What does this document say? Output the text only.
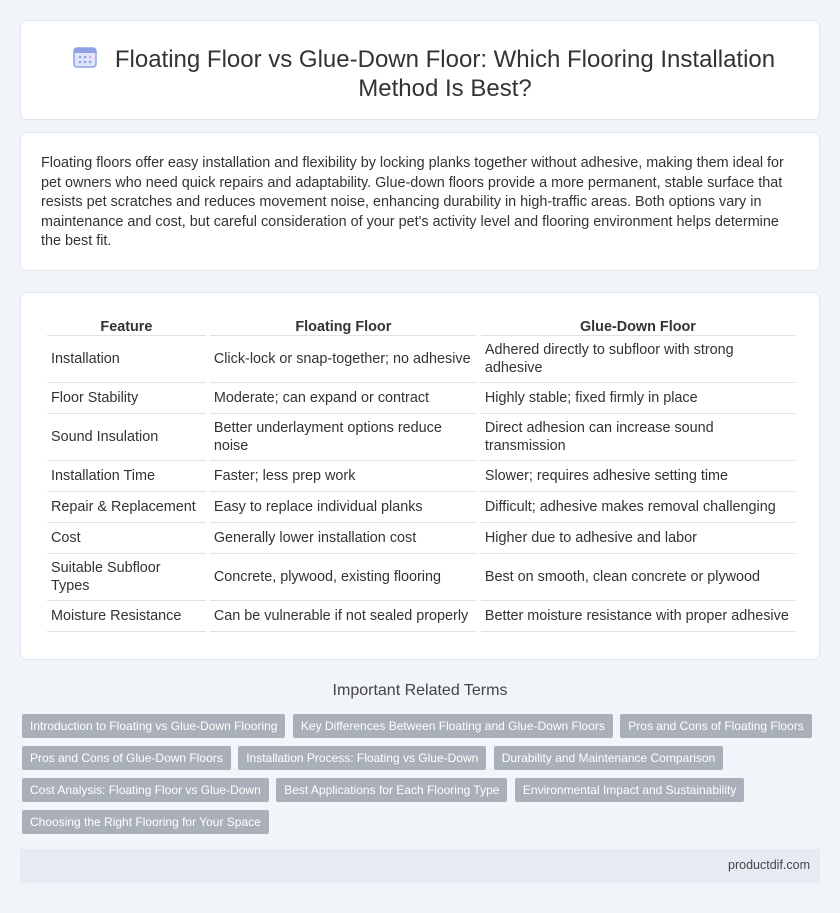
Floating Floor vs Glue-Down Floor: Which Flooring Installation Method Is Best?

Floating floors offer easy installation and flexibility by locking planks together without adhesive, making them ideal for pet owners who need quick repairs and adaptability. Glue-down floors provide a more permanent, stable surface that resists pet scratches and reduces movement noise, enhancing durability in high-traffic areas. Both options vary in maintenance and cost, but careful consideration of your pet's activity level and flooring environment helps determine the best fit.

Feature	Floating Floor	Glue-Down Floor
Installation	Click-lock or snap-together; no adhesive	Adhered directly to subfloor with strong adhesive
Floor Stability	Moderate; can expand or contract	Highly stable; fixed firmly in place
Sound Insulation	Better underlayment options reduce noise	Direct adhesion can increase sound transmission
Installation Time	Faster; less prep work	Slower; requires adhesive setting time
Repair & Replacement	Easy to replace individual planks	Difficult; adhesive makes removal challenging
Cost	Generally lower installation cost	Higher due to adhesive and labor
Suitable Subfloor Types	Concrete, plywood, existing flooring	Best on smooth, clean concrete or plywood
Moisture Resistance	Can be vulnerable if not sealed properly	Better moisture resistance with proper adhesive
Important Related Terms
Introduction to Floating vs Glue-Down Flooring Key Differences Between Floating and Glue-Down Floors Pros and Cons of Floating Floors Pros and Cons of Glue-Down Floors Installation Process: Floating vs Glue-Down Durability and Maintenance Comparison Cost Analysis: Floating Floor vs Glue-Down Best Applications for Each Flooring Type Environmental Impact and Sustainability Choosing the Right Flooring for Your Space
productdif.com
